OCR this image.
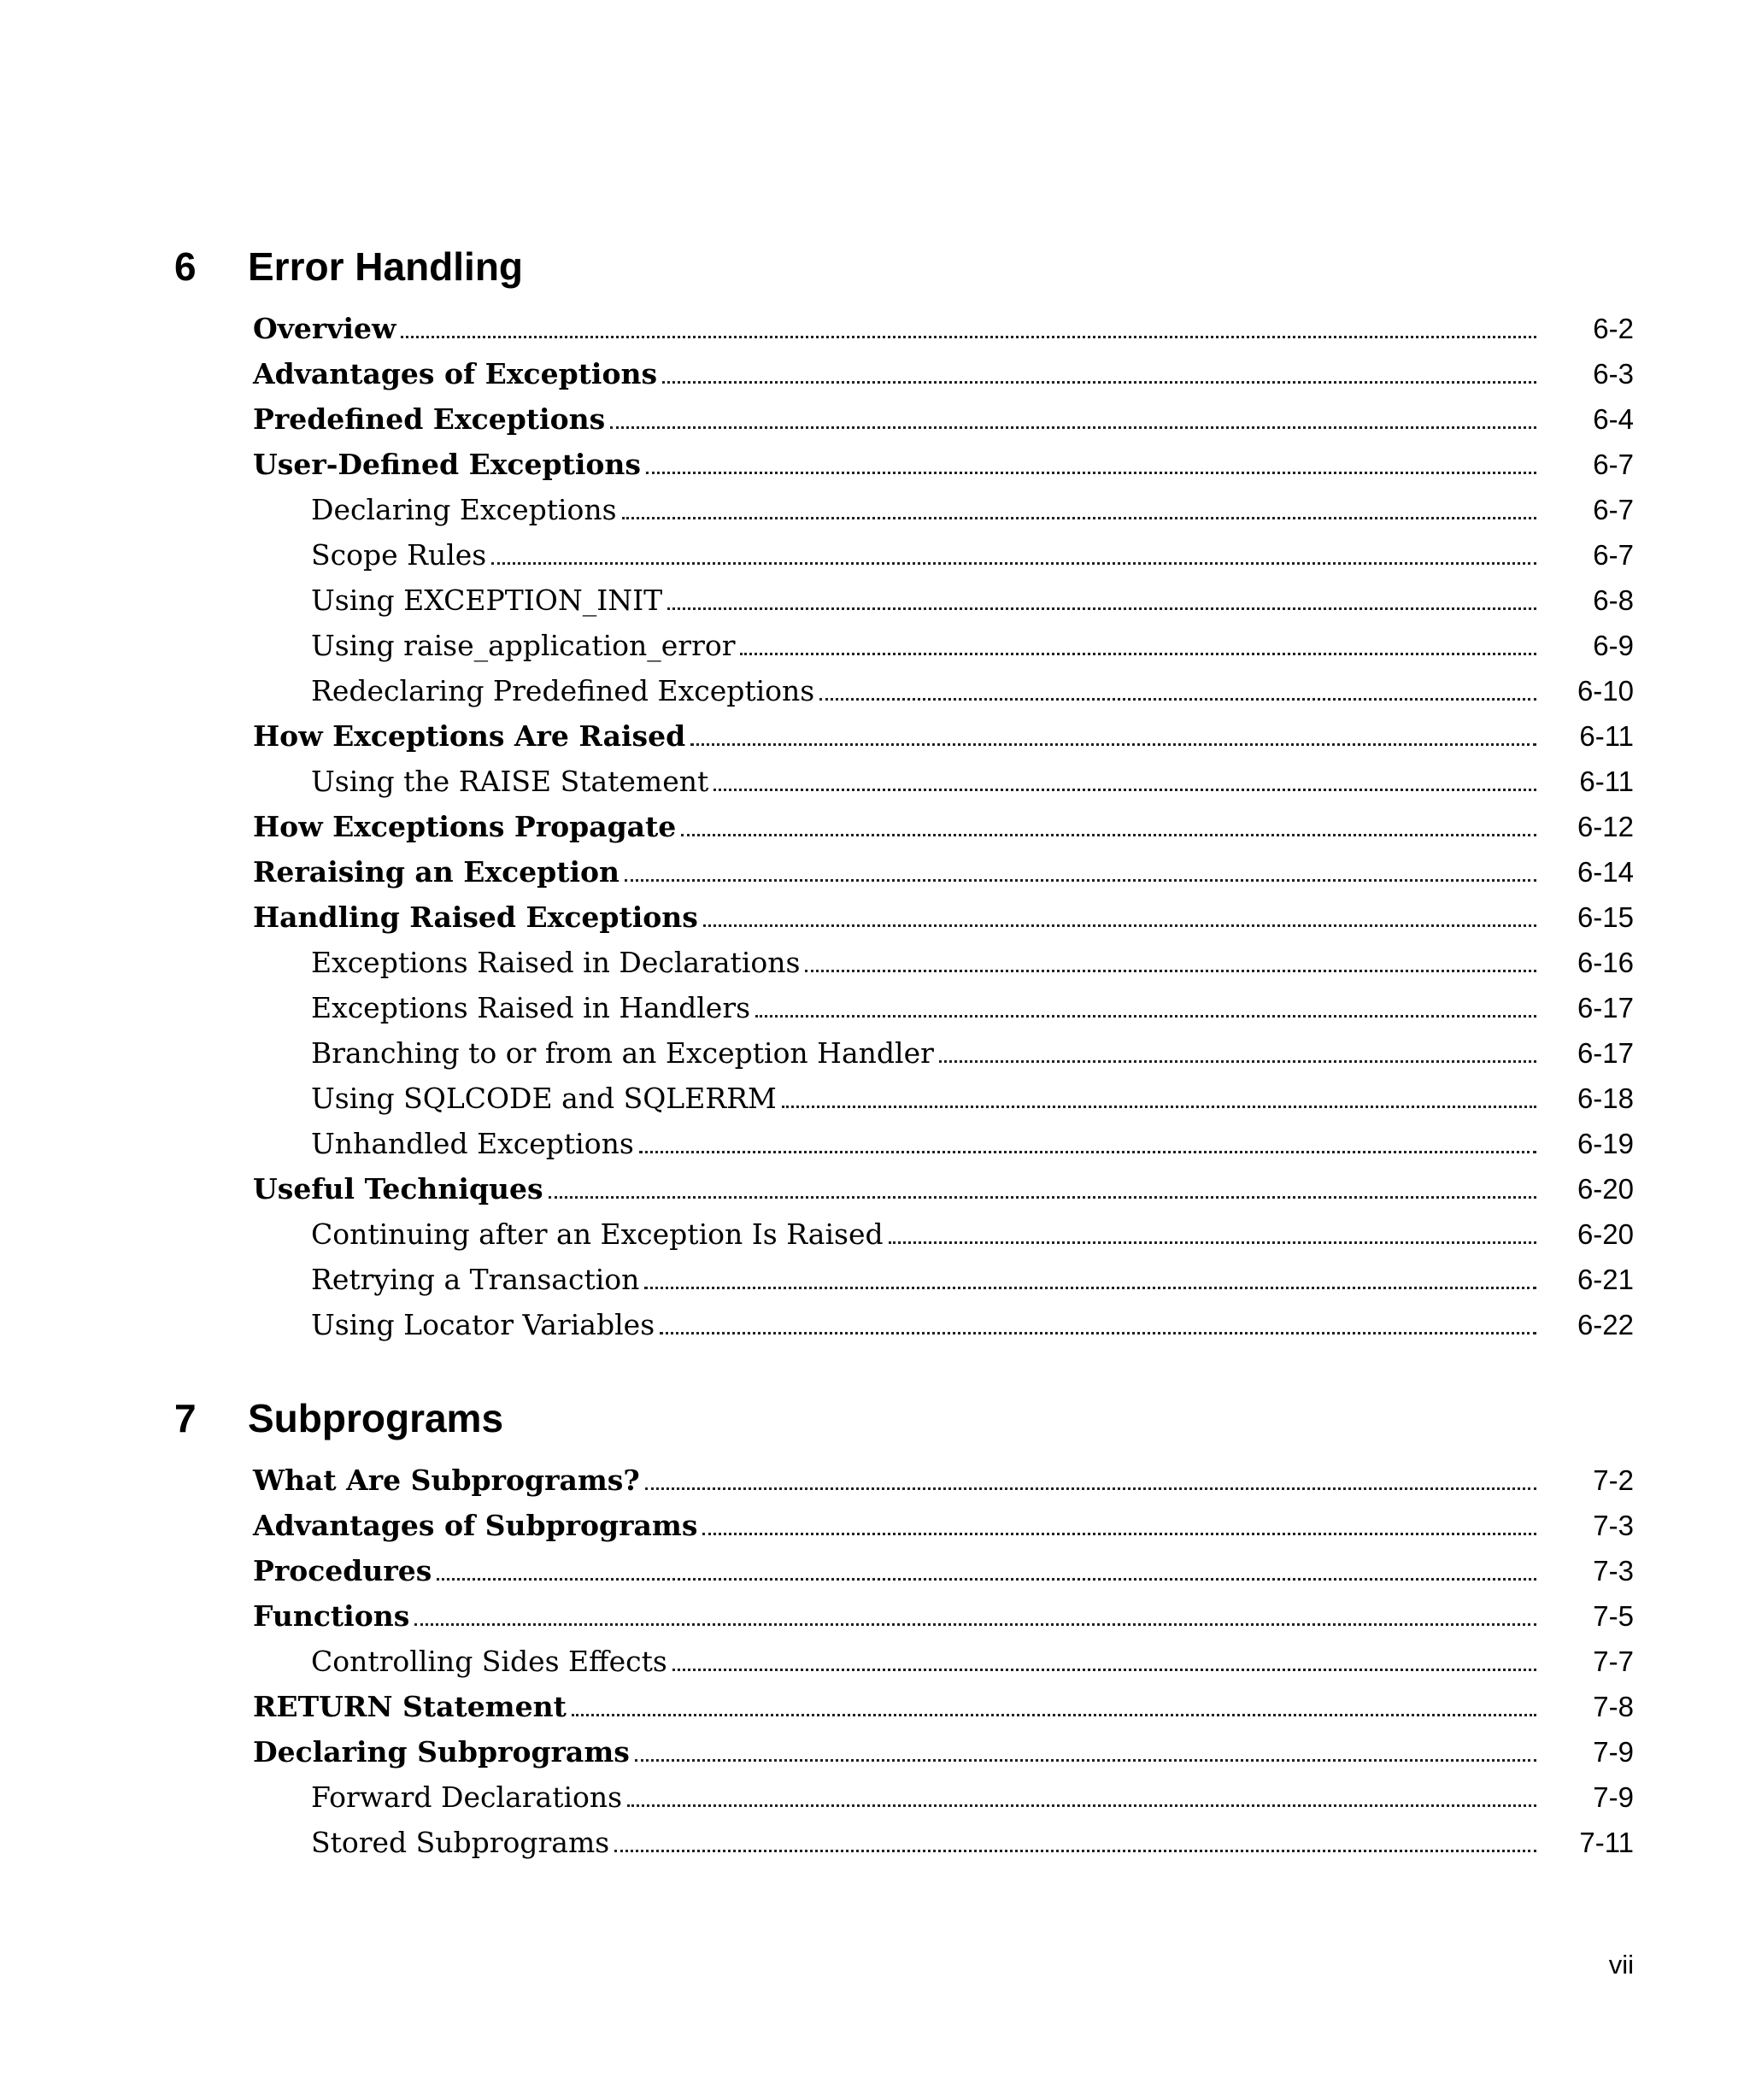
6 Error Handling
Overview	6-2
Advantages of Exceptions	6-3
Predefined Exceptions	6-4
User-Defined Exceptions	6-7
Declaring Exceptions	6-7
Scope Rules	6-7
Using EXCEPTION_INIT	6-8
Using raise_application_error	6-9
Redeclaring Predefined Exceptions	6-10
How Exceptions Are Raised	6-11
Using the RAISE Statement	6-11
How Exceptions Propagate	6-12
Reraising an Exception	6-14
Handling Raised Exceptions	6-15
Exceptions Raised in Declarations	6-16
Exceptions Raised in Handlers	6-17
Branching to or from an Exception Handler	6-17
Using SQLCODE and SQLERRM	6-18
Unhandled Exceptions	6-19
Useful Techniques	6-20
Continuing after an Exception Is Raised	6-20
Retrying a Transaction	6-21
Using Locator Variables	6-22
7 Subprograms
What Are Subprograms?	7-2
Advantages of Subprograms	7-3
Procedures	7-3
Functions	7-5
Controlling Sides Effects	7-7
RETURN Statement	7-8
Declaring Subprograms	7-9
Forward Declarations	7-9
Stored Subprograms	7-11
vii
